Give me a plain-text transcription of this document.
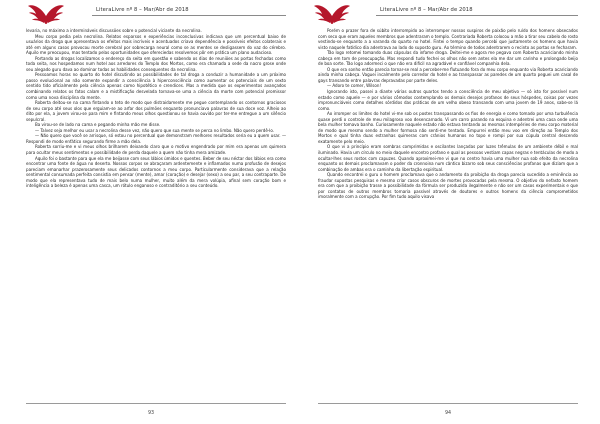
LiteraLivre nº 8 – Mar/Abr de 2018

levaria, no máximo a intermináveis discussões sobre o potencial viciante da necrolina.

Meu corpo pedia pela necrolina. Relatos esparsos e experiências inconclusivas indicava que um percentual baixo de usuários da droga que apresentava os efeitos mais incríveis e acentuados criava dependência e possíveis efeitos colaterais e até em alguns casos provocou morte cerebral por sobrecarga neural como se as mentes se desligassem do vaz do cérebro. Aquilo me preocupou, mas tentado pelas oportunidades que ofereciedas resolvemos pôr em prática um plano audacioso.

Portando as drogas localizamos o endereço da seita em questão e sabendo os dias de reuniões as portas fechadas como toda seita, nos hospedamos num hotel aos arredores do Templo dos Mortos, como era chamada a sede da nacro grose onde seu alegado guru dava ao dominar todas as habilidades consequentes da necrolina.

Pessoamos horas no quarto do hotel discutindo as possibilidades de tal droga a conduzir a humanidade a um próximo passo evolucional ao não somente expandir a consciência à hiperconsciência como aumentar os potenciais de um sexto sentido tido oficialmente pela ciência apenas como hipotético e crendices. Mas a medida que os experimentos avançados combinando relatos os fatos calam e a mistificação desvelada tornava-se uma a ciência da morte com potencial promissor como uma nova disciplina da mente.

Roberta deitou-se na cama fintando o teto de modo que distraidamente me pegue contemplando os contornos graciosos de seu corpo até seus olos que erguiam-se ao arfar dos pulmões enquanto pronunciava palavras de sua doce voz. Alheio ao dito por ela, a jovem virou-se para mim e fintando meus olhos questionou se havia ouvido por ter-me entregue a um silêncio sepulcral.

Ba virou-se de lado na cama e pegando minha mão me disse.

— Talvez seja melhor eu usar a necrolina desse vez, não quero que sua mente se perca no limbo. Não quero perdê-lo.

— Não quero que você se arrisque, só estou no percentual que demonstram melhores resultados seria eu a quem usar. — Respondi de modo enfático segurando firme a mão dela.

Roberta sorriu-me e vi meus olhos brilharem deixando claro que o motivo engendrado por mim era apenas um quimera para ocultar meus sentimentos e possibilidade de perda daquele a quem não tinha mera amizade.

Aquilo foi o bastante para que ela me beijasse com seus lábios úmidos e quentes. Beber de seu néctar dos lábios era como encontrar uma fonte de água no deserto. Nossos corpos se abraçaram ardentemente e inflamados numa profusão de desejos pareciam emanarhar prazerosamente seus delicados contornos a meu corpo. Particularmente considerava que a relação sentimental consumada perfeita consistia em pensar (mente), amar (coração) e desejar (sexo) a seu par, a seu contraparte. De modo que ela representava tudo de mais belo numa mulher, muito além da mera volúpia, afinal sem coração bom e inteligência a beleza é apenas uma casca, um rótulo enganoso e contraditório a seu conteúdo.

93
LiteraLivre nº 8 – Mar/Abr de 2018

Porém o prazer fora de súbito interrompido ao interromper nossos suspiros de paixão pelo ruído dos homens obsecados com seco que eram aqueles membros que adentraram o templo. Contrariada Roberta colocou a mão a tirar seu cabelo do rosto vestindo-se enquanto a a varanda do quarto no hotel. Fintei o tempo quando percebi que justamente os homens que havia visto naquele fatídico dia adentrava ao lado do suposto guru. Ao término de todos adentrarem o recinto as portas se fecharam.

Tão logo retomei tomando duas cápsulas da infame droga. Deitei-me e agora me pegava com Roberta acariciando minha cabeça em tom de preocupação. Mas respondi tudo fechei os olhos não sem antes ela me dar um carinho e prolongado beijo de boa sorte. Tão logo adormeci o que não era difícil na agradável e confiável companhia dela.

O que era sonho então parecia tornar-se real a perceber-me flutuando fora do meu corpo enquanto via Roberta acariciando ainda minha cabeça. Vaguei incalmente pelo corredor do hotel e ao transpassar as paredes de um quarto peguei um casal de gays transando entre palavras depravadas por parte deles.

— Adoro te comer, Wilson!

Ignorando isto, passei a diante várias outros quartos tendo a consciência de meu objetivo — só isto for possível num estado como aquele — e por vários cômodos contemplando os demais desejos profanos de seus hóspedes, coisas por vezes impronunciáveis como detalhes sórdidos das práticas de um velho obeso transando com uma jovem de 19 anos, sabe-se lá como.

Ao irromper os limites do hotel vi-me sob os postes transpassando os fios de energia e como tomado por uma turbulência quase perdi o controle de meu milagroso voo desencarnado. Vi um carro parando na esquina e adentrei uma casa onde uma bela mulher tomava banho. Curiosamente naquele estado não estava tentando as mesmas intempéries de meu corpo material de modo que mesmo sendo a mulher formosa não senti-me tentado. Empurrei então meu voo em direção ao Templo dos Mortos e qual tinha duas estranhas quimeras com crânios humanos no topo e rompi por sua cúpula central descendo exatamente pelo meio.

O que vi a princípio eram sombras comprimidas e oscilantes lançadas por luzes trêmulas de um ambiente débil e mal iluminado. Havia um círculo no meio daquele encontro profano e qual as pessoas vestiam capas negras e tentáculas de modo a ocultar-lhes seus rostos com capuzes. Quando aproximei-me vi que no centro havia uma mulher nua sob efeito da necrolina enquanto os demais proclamavam o poder da cronnoina num cântico bizarro sob seus consciências profanas que diziam que a combinação de ambas era o caminho da libertação espiritual.

Quando encontrei o guru o homem proclamava que o andamento da proibição da droga parecia sucedido a eminência ao fraudar supostas pesquisas e mesmo criar casos obscuros de mortes provocadas pela mesma. O objetivo do nefasto homem era com que a proibição trasse a possibilidade da fórmula ser produzida ilegalmente e não ser um casos experimentais e que por contatos de outros membros tornaria passível através de doutores e outros homens da ciência comprometidos imoralmente com a corrupção. Por fim tudo aquilo visava

94
